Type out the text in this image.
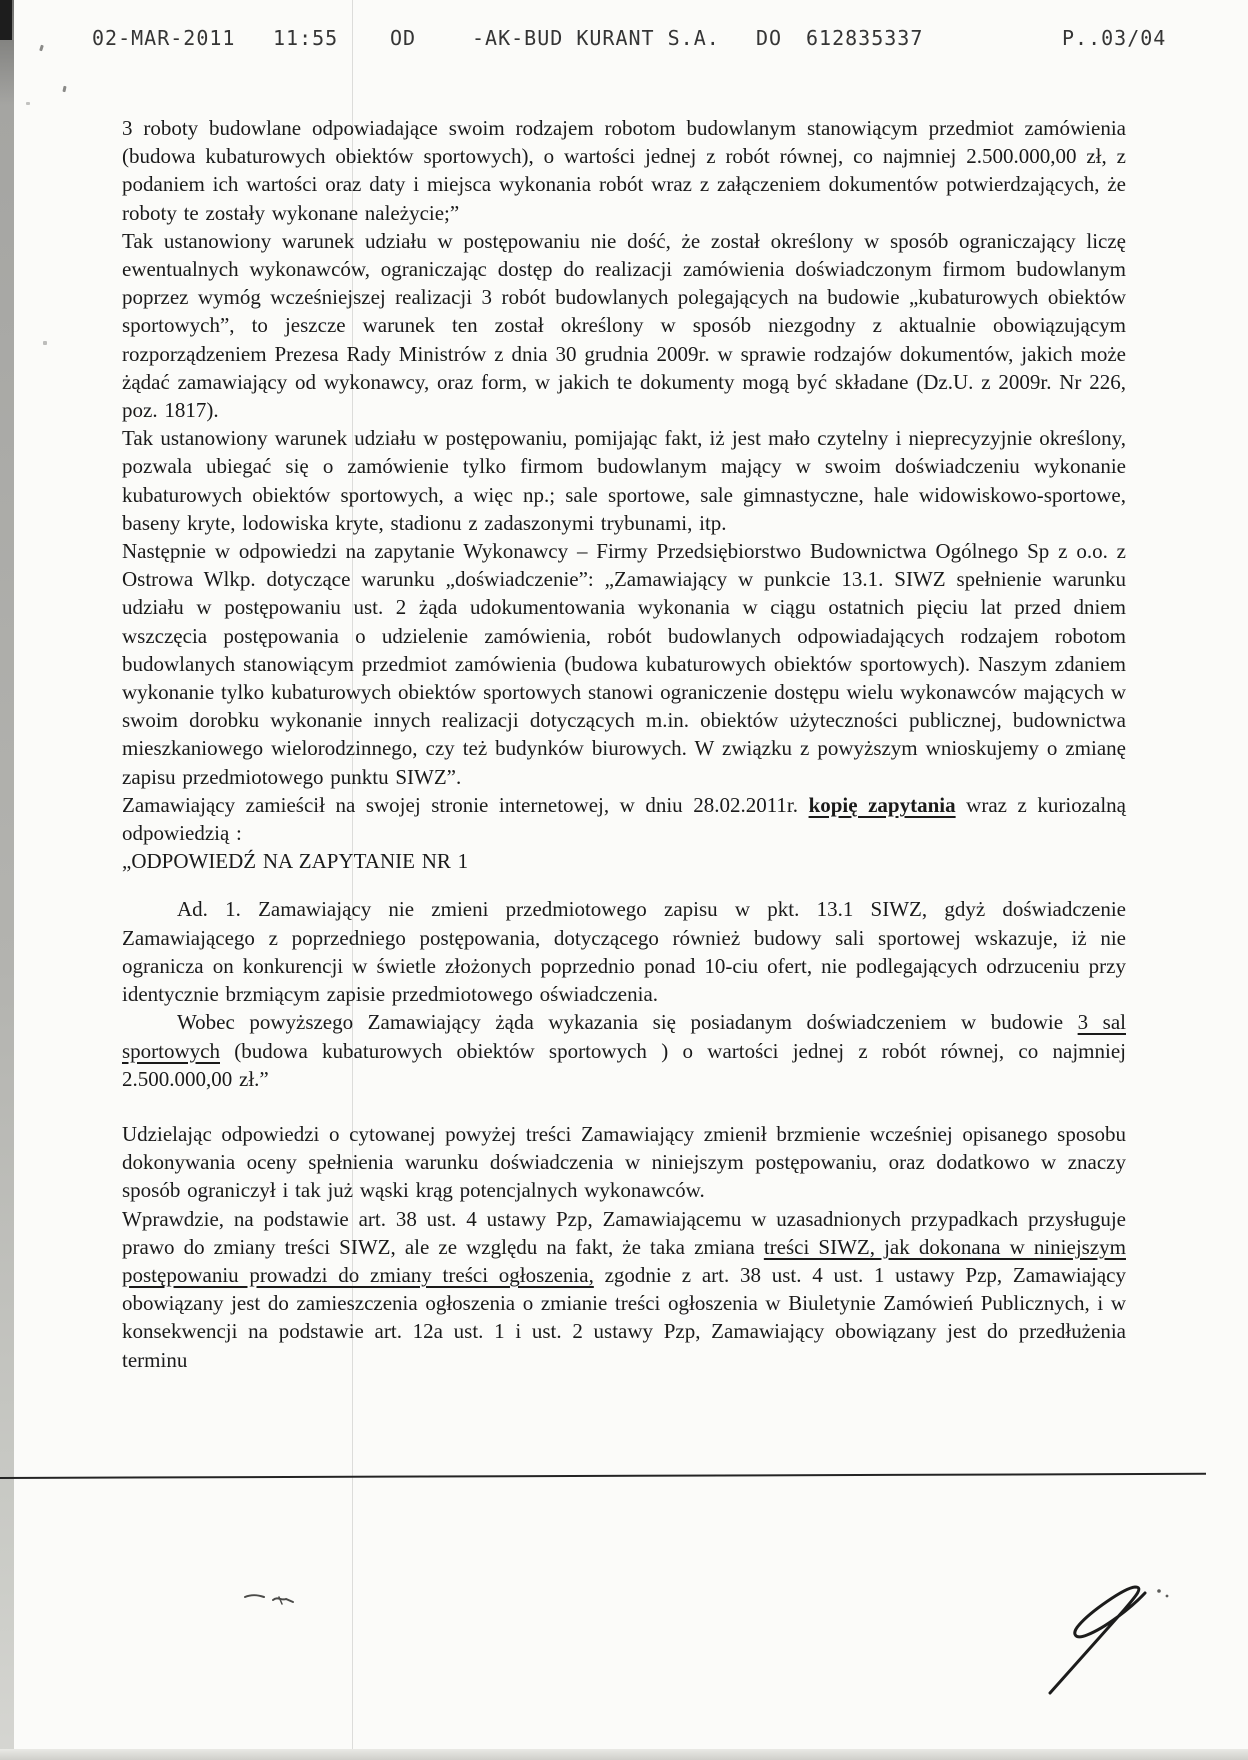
02-MAR-2011

11:55

	OD

	-AK-BUD KURANT S.A.

DO

612835337

	P..03/04

3 roboty budowlane odpowiadające swoim rodzajem robotom budowlanym stanowiącym przedmiot zamówienia (budowa kubaturowych obiektów sportowych), o wartości jednej z robót równej, co najmniej 2.500.000,00 zł, z podaniem ich wartości oraz daty i miejsca wykonania robót wraz z załączeniem dokumentów potwierdzających, że roboty te zostały wykonane należycie;”

Tak ustanowiony warunek udziału w postępowaniu nie dość, że został określony w sposób ograniczający liczę ewentualnych wykonawców, ograniczając dostęp do realizacji zamówienia doświadczonym firmom budowlanym poprzez wymóg wcześniejszej realizacji 3 robót budowlanych polegających na budowie „kubaturowych obiektów sportowych”, to jeszcze warunek ten został określony w sposób niezgodny z aktualnie obowiązującym rozporządzeniem Prezesa Rady Ministrów z dnia 30 grudnia 2009r. w sprawie rodzajów dokumentów, jakich może żądać zamawiający od wykonawcy, oraz form, w jakich te dokumenty mogą być składane (Dz.U. z 2009r. Nr 226, poz. 1817).

Tak ustanowiony warunek udziału w postępowaniu, pomijając fakt, iż jest mało czytelny i nieprecyzyjnie określony, pozwala ubiegać się o zamówienie tylko firmom budowlanym mający w swoim doświadczeniu wykonanie kubaturowych obiektów sportowych, a więc np.; sale sportowe, sale gimnastyczne, hale widowiskowo-sportowe, baseny kryte, lodowiska kryte, stadionu z zadaszonymi trybunami, itp.

Następnie w odpowiedzi na zapytanie Wykonawcy – Firmy Przedsiębiorstwo Budownictwa Ogólnego Sp z o.o. z Ostrowa Wlkp. dotyczące warunku „doświadczenie”: „Zamawiający w punkcie 13.1. SIWZ spełnienie warunku udziału w postępowaniu ust. 2 żąda udokumentowania wykonania w ciągu ostatnich pięciu lat przed dniem wszczęcia postępowania o udzielenie zamówienia, robót budowlanych odpowiadających rodzajem robotom budowlanych stanowiącym przedmiot zamówienia (budowa kubaturowych obiektów sportowych). Naszym zdaniem wykonanie tylko kubaturowych obiektów sportowych stanowi ograniczenie dostępu wielu wykonawców mających w swoim dorobku wykonanie innych realizacji dotyczących m.in. obiektów użyteczności publicznej, budownictwa mieszkaniowego wielorodzinnego, czy też budynków biurowych. W związku z powyższym wnioskujemy o zmianę zapisu przedmiotowego punktu SIWZ”.

Zamawiający zamieścił na swojej stronie internetowej, w dniu 28.02.2011r. kopię zapytania wraz z kuriozalną odpowiedzią :

„ODPOWIEDŹ NA ZAPYTANIE NR 1

Ad. 1. Zamawiający nie zmieni przedmiotowego zapisu w pkt. 13.1 SIWZ, gdyż doświadczenie Zamawiającego z poprzedniego postępowania, dotyczącego również budowy sali sportowej wskazuje, iż nie ogranicza on konkurencji w świetle złożonych poprzednio ponad 10-ciu ofert, nie podlegających odrzuceniu przy identycznie brzmiącym zapisie przedmiotowego oświadczenia.

Wobec powyższego Zamawiający żąda wykazania się posiadanym doświadczeniem w budowie 3 sal sportowych (budowa kubaturowych obiektów sportowych ) o wartości jednej z robót równej, co najmniej 2.500.000,00 zł.”

Udzielając odpowiedzi o cytowanej powyżej treści Zamawiający zmienił brzmienie wcześniej opisanego sposobu dokonywania oceny spełnienia warunku doświadczenia w niniejszym postępowaniu, oraz dodatkowo w znaczy sposób ograniczył i tak już wąski krąg potencjalnych wykonawców.

Wprawdzie, na podstawie art. 38 ust. 4 ustawy Pzp, Zamawiającemu w uzasadnionych przypadkach przysługuje prawo do zmiany treści SIWZ, ale ze względu na fakt, że taka zmiana treści SIWZ, jak dokonana w niniejszym postępowaniu prowadzi do zmiany treści ogłoszenia, zgodnie z art. 38 ust. 4 ust. 1 ustawy Pzp, Zamawiający obowiązany jest do zamieszczenia ogłoszenia o zmianie treści ogłoszenia w Biuletynie Zamówień Publicznych, i w konsekwencji na podstawie art. 12a ust. 1 i ust. 2 ustawy Pzp, Zamawiający obowiązany jest do przedłużenia terminu
